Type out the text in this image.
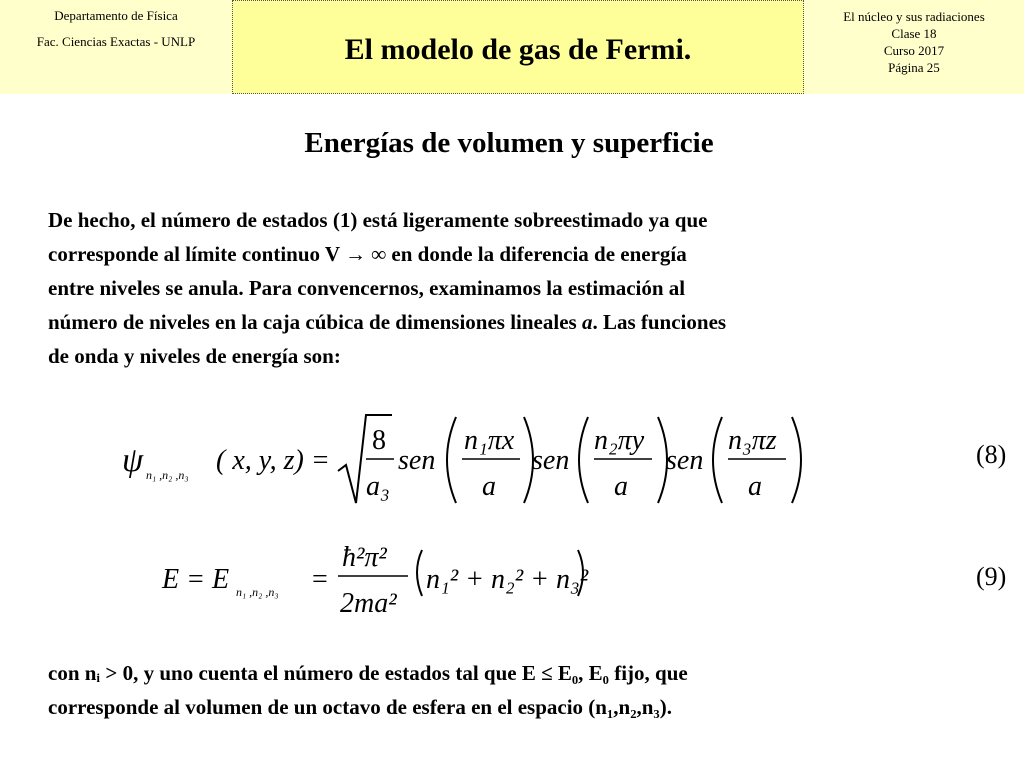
Departamento de Física
Fac. Ciencias Exactas - UNLP	El modelo de gas de Fermi.
El núcleo y sus radiaciones
Clase 18
Curso 2017
Página 25
Energías de volumen y superficie
De hecho, el número de estados (1) está ligeramente sobreestimado ya que
corresponde al límite continuo V → ∞ en donde la diferencia de energía
entre niveles se anula. Para convencernos, examinamos la estimación al
número de niveles en la caja cúbica de dimensiones lineales a. Las funciones
de onda y niveles de energía son:
ψ n₁ ,n₂ ,n₃ ( x, y, z) =
8
a₃
sen
n₁πx
a
sen
n₂πy
a
sen
n₃πz
a
(8)
E = E n₁ ,n₂ ,n₃ =
ħ²π²
2ma²
n₁² + n₂² + n₃²	(9)
con nᵢ > 0, y uno cuenta el número de estados tal que E ≤ E₀, E₀ fijo, que
corresponde al volumen de un octavo de esfera en el espacio (n₁,n₂,n₃).
